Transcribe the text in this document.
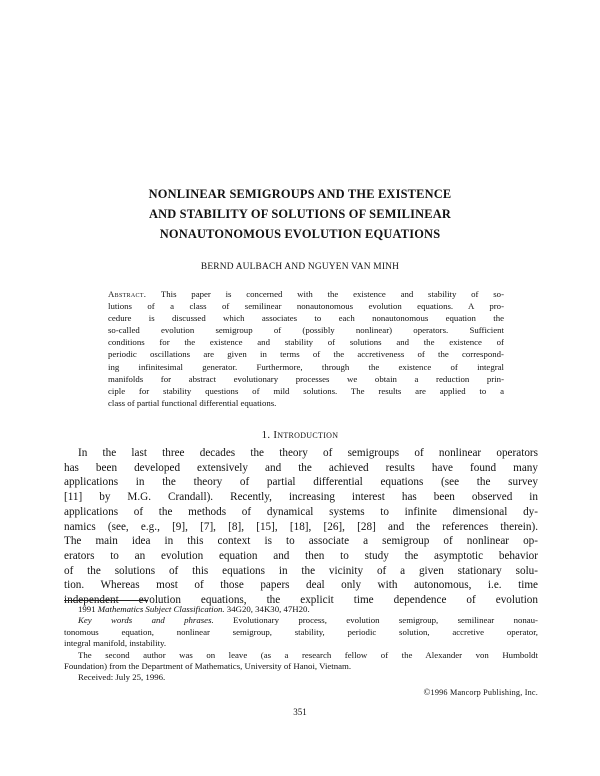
NONLINEAR SEMIGROUPS AND THE EXISTENCE
AND STABILITY OF SOLUTIONS OF SEMILINEAR
NONAUTONOMOUS EVOLUTION EQUATIONS
BERND AULBACH AND NGUYEN VAN MINH
Abstract. This paper is concerned with the existence and stability of so-
lutions of a class of semilinear nonautonomous evolution equations. A pro-
cedure is discussed which associates to each nonautonomous equation the
so-called evolution semigroup of (possibly nonlinear) operators. Sufficient
conditions for the existence and stability of solutions and the existence of
periodic oscillations are given in terms of the accretiveness of the correspond-
ing infinitesimal generator. Furthermore, through the existence of integral
manifolds for abstract evolutionary processes we obtain a reduction prin-
ciple for stability questions of mild solutions. The results are applied to a
class of partial functional differential equations.
1. Introduction
In the last three decades the theory of semigroups of nonlinear operators
has been developed extensively and the achieved results have found many
applications in the theory of partial differential equations (see the survey
[11] by M.G. Crandall). Recently, increasing interest has been observed in
applications of the methods of dynamical systems to infinite dimensional dy-
namics (see, e.g., [9], [7], [8], [15], [18], [26], [28] and the references therein).
The main idea in this context is to associate a semigroup of nonlinear op-
erators to an evolution equation and then to study the asymptotic behavior
of the solutions of this equations in the vicinity of a given stationary solu-
tion. Whereas most of those papers deal only with autonomous, i.e. time
independent evolution equations, the explicit time dependence of evolution
1991 Mathematics Subject Classification. 34G20, 34K30, 47H20.
Key words and phrases. Evolutionary process, evolution semigroup, semilinear nonau-
tonomous equation, nonlinear semigroup, stability, periodic solution, accretive operator,
integral manifold, instability.
The second author was on leave (as a research fellow of the Alexander von Humboldt
Foundation) from the Department of Mathematics, University of Hanoi, Vietnam.
Received: July 25, 1996.
©1996 Mancorp Publishing, Inc.
351
